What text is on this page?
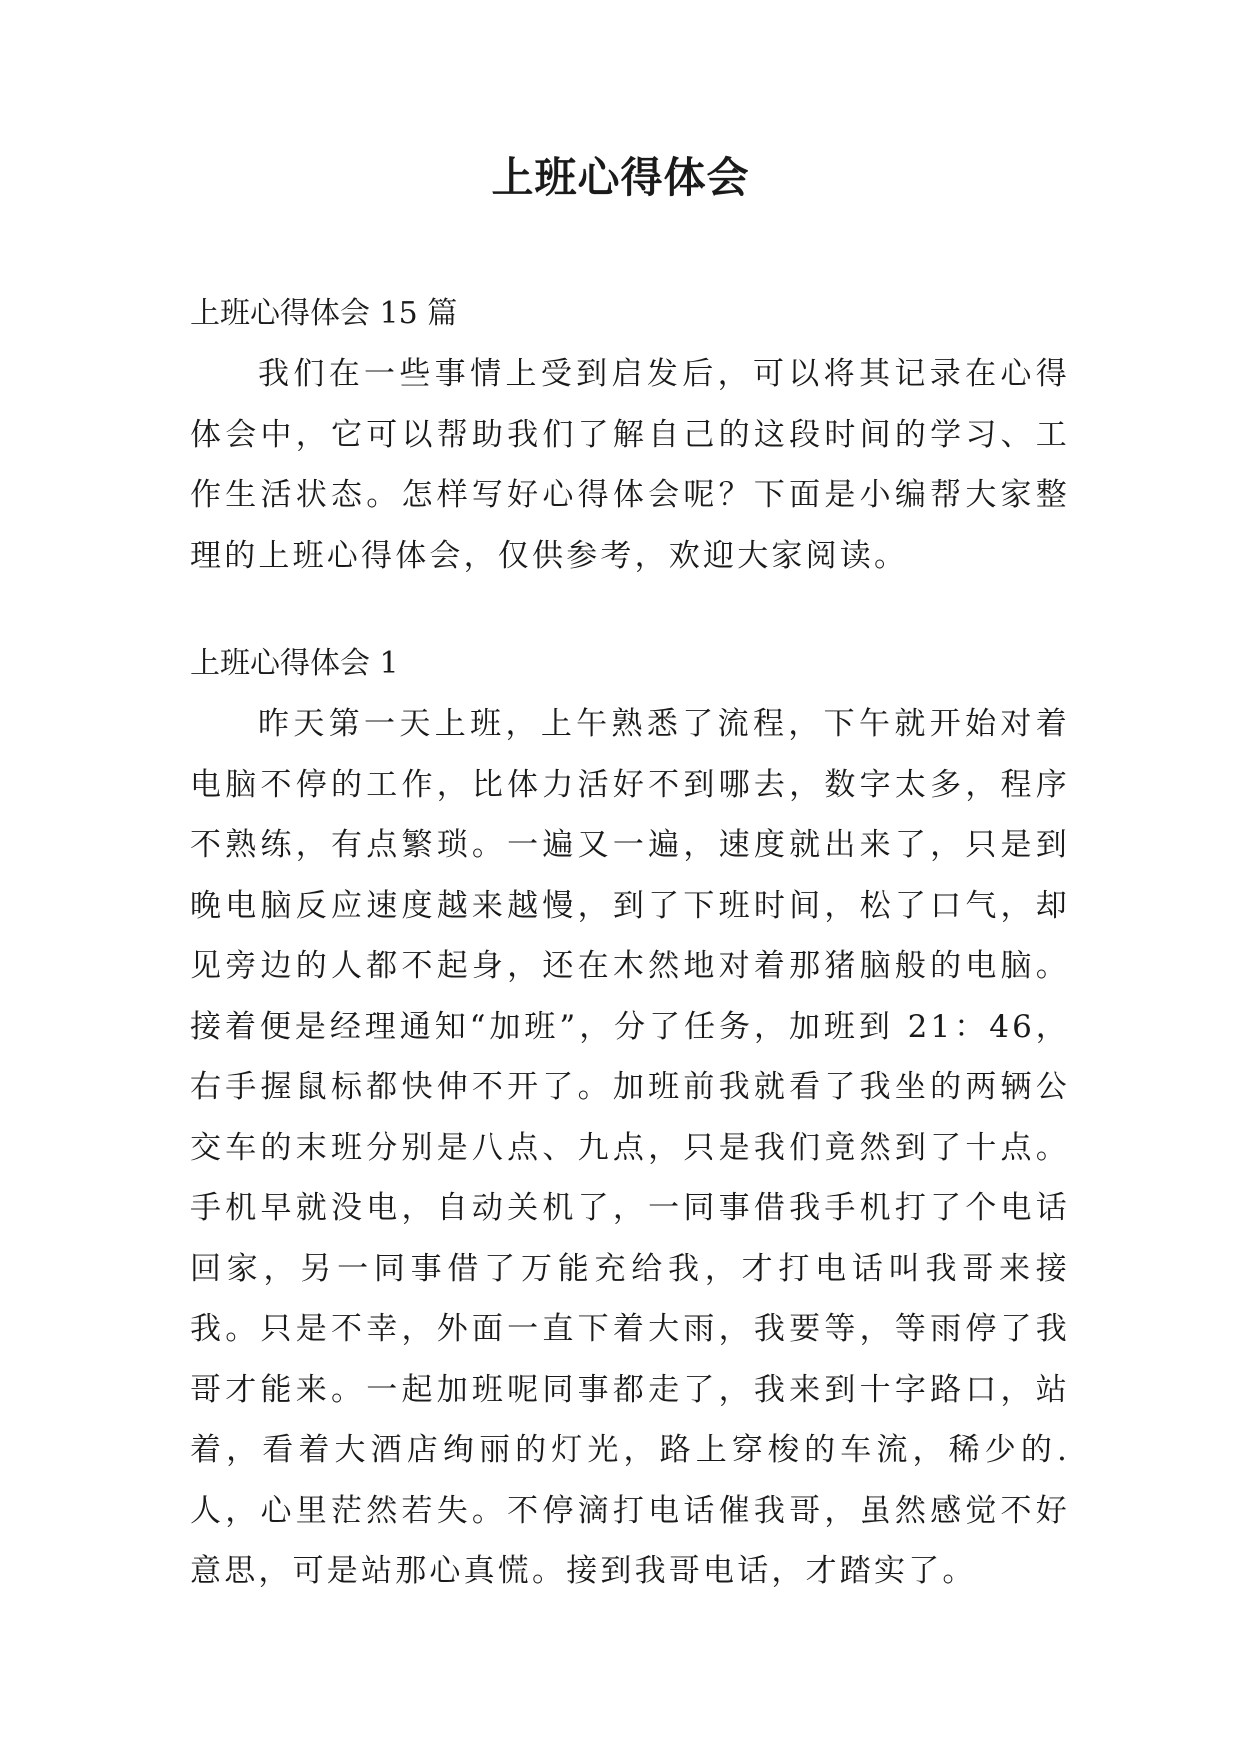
上班心得体会
上班心得体会 15 篇

我们在一些事情上受到启发后，可以将其记录在心得体会中，它可以帮助我们了解自己的这段时间的学习、工作生活状态。怎样写好心得体会呢？下面是小编帮大家整理的上班心得体会，仅供参考，欢迎大家阅读。

上班心得体会 1

昨天第一天上班，上午熟悉了流程，下午就开始对着电脑不停的工作，比体力活好不到哪去，数字太多，程序不熟练，有点繁琐。一遍又一遍，速度就出来了，只是到晚电脑反应速度越来越慢，到了下班时间，松了口气，却见旁边的人都不起身，还在木然地对着那猪脑般的电脑。接着便是经理通知“加班”，分了任务，加班到 21：46，右手握鼠标都快伸不开了。加班前我就看了我坐的两辆公交车的末班分别是八点、九点，只是我们竟然到了十点。手机早就没电，自动关机了，一同事借我手机打了个电话回家，另一同事借了万能充给我，才打电话叫我哥来接我。只是不幸，外面一直下着大雨，我要等，等雨停了我哥才能来。一起加班呢同事都走了，我来到十字路口，站着，看着大酒店绚丽的灯光，路上穿梭的车流，稀少的.人，心里茫然若失。不停滴打电话催我哥，虽然感觉不好意思，可是站那心真慌。接到我哥电话，才踏实了。
